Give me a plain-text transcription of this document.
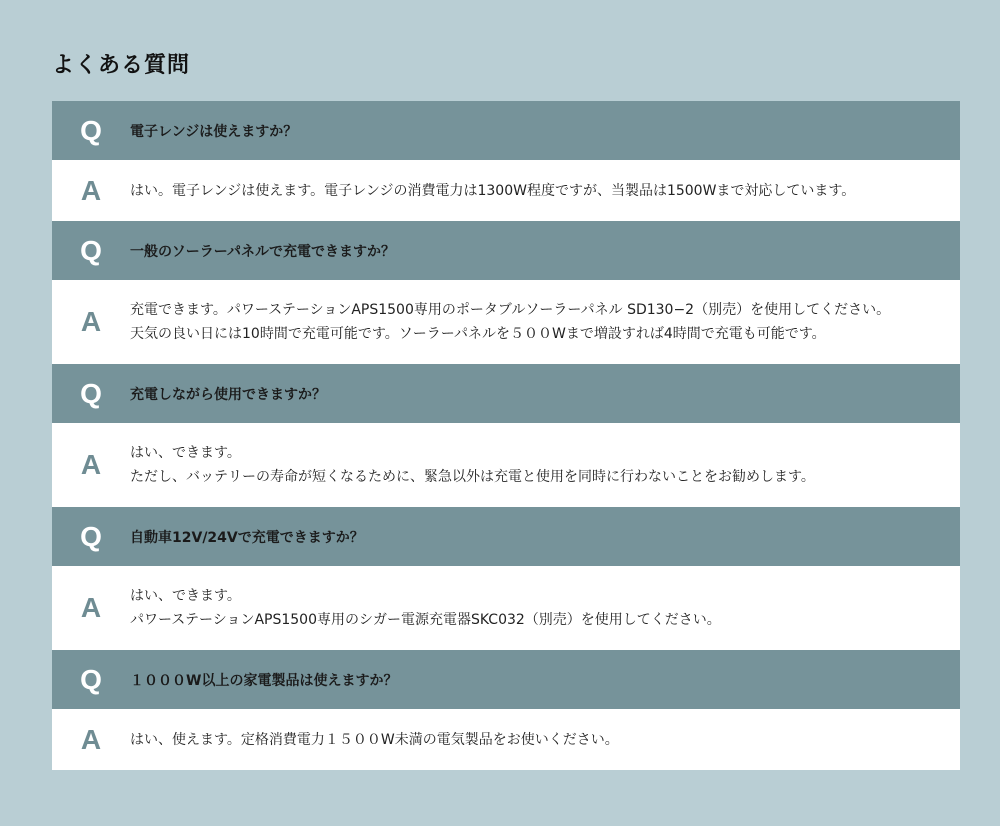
よくある質問
Q	電子レンジは使えますか？
A	はい。電子レンジは使えます。電子レンジの消費電力は1300W程度ですが、当製品は1500Wまで対応しています。
Q	一般のソーラーパネルで充電できますか？
A	充電できます。パワーステーションAPS1500専用のポータブルソーラーパネル SD130−2（別売）を使用してください。
天気の良い日には10時間で充電可能です。ソーラーパネルを５００Wまで増設すれば4時間で充電も可能です。
Q	充電しながら使用できますか？
A	はい、できます。
ただし、バッテリーの寿命が短くなるために、緊急以外は充電と使用を同時に行わないことをお勧めします。
Q	自動車12V/24Vで充電できますか？
A	はい、できます。
パワーステーションAPS1500専用のシガー電源充電器SKC032（別売）を使用してください。
Q	１０００W以上の家電製品は使えますか？
A	はい、使えます。定格消費電力１５００W未満の電気製品をお使いください。
